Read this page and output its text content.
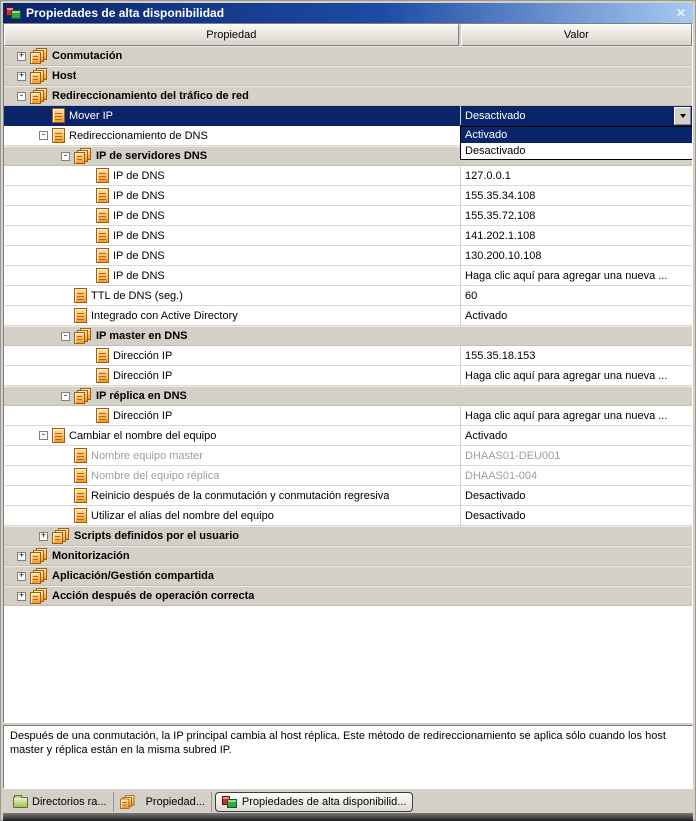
Propiedades de alta disponibilidad	✕
Propiedad	Valor
+	Conmutación
+	Host
-	Redireccionamiento del tráfico de red
Mover IP	Desactivado
- Redireccionamiento de DNS
-	IP de servidores DNS
IP de DNS	127.0.0.1
IP de DNS	155.35.34.108
IP de DNS	155.35.72.108
IP de DNS	141.202.1.108
IP de DNS	130.200.10.108
IP de DNS	Haga clic aquí para agregar una nueva ...
TTL de DNS (seg.)	60
Integrado con Active Directory	Activado
-	IP master en DNS
Dirección IP	155.35.18.153
Dirección IP	Haga clic aquí para agregar una nueva ...
-	IP réplica en DNS
Dirección IP	Haga clic aquí para agregar una nueva ...
- Cambiar el nombre del equipo	Activado
Nombre equipo master	DHAAS01-DEU001
Nombre del equipo réplica	DHAAS01-004
Reinicio después de la conmutación y conmutación regresiva	Desactivado
Utilizar el alias del nombre del equipo	Desactivado
+	Scripts definidos por el usuario
+	Monitorización
+	Aplicación/Gestión compartida
+	Acción después de operación correcta
Activado
Desactivado
Después de una conmutación, la IP principal cambia al host réplica. Este método de redireccionamiento se aplica sólo cuando los host master y réplica están en la misma subred IP.
Directorios ra...	Propiedad...	Propiedades de alta disponibilid...
